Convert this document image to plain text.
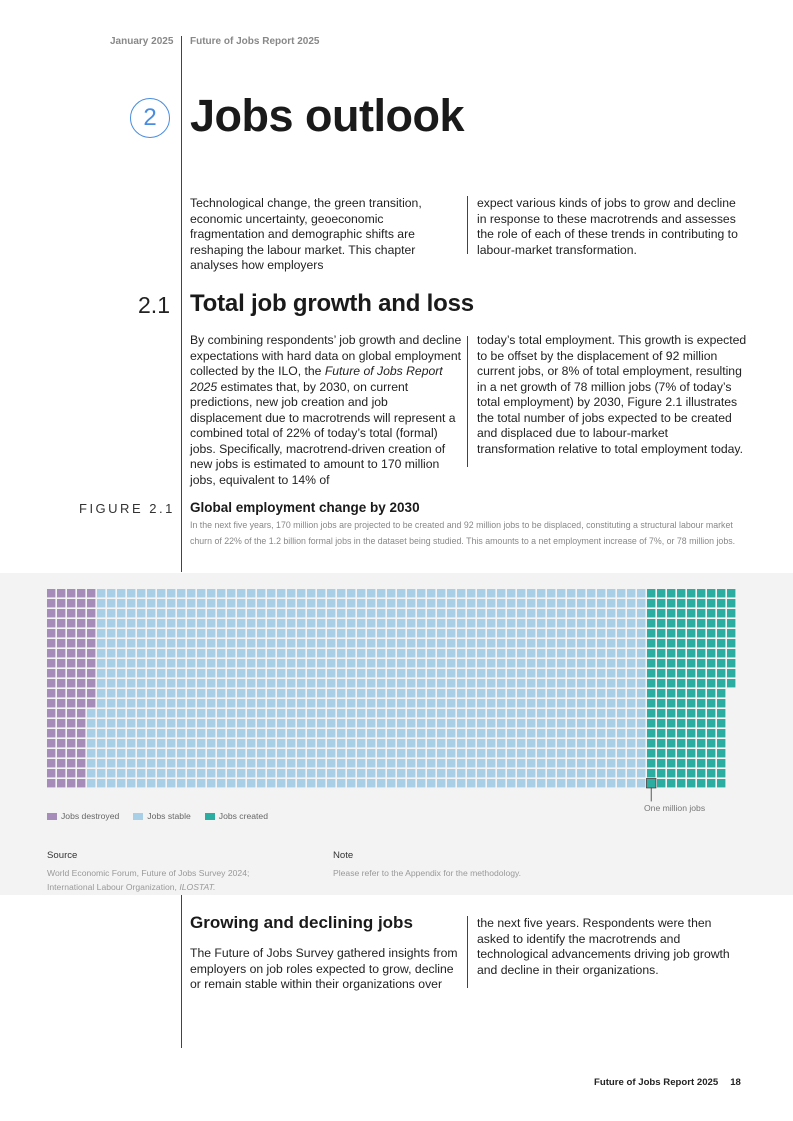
January 2025 Future of Jobs Report 2025
2 Jobs outlook

Technological change, the green transition, economic uncertainty, geoeconomic fragmentation and demographic shifts are reshaping the labour market. This chapter analyses how employers

expect various kinds of jobs to grow and decline in response to these macrotrends and assesses the role of each of these trends in contributing to labour-market transformation.

2.1 Total job growth and loss

By combining respondents’ job growth and decline expectations with hard data on global employment collected by the ILO, the Future of Jobs Report 2025 estimates that, by 2030, on current predictions, new job creation and job displacement due to macrotrends will represent a combined total of 22% of today’s total (formal) jobs. Specifically, macrotrend-driven creation of new jobs is estimated to amount to 170 million jobs, equivalent to 14% of

today’s total employment. This growth is expected to be offset by the displacement of 92 million current jobs, or 8% of total employment, resulting in a net growth of 78 million jobs (7% of today’s total employment) by 2030, Figure 2.1 illustrates the total number of jobs expected to be created and displaced due to labour-market transformation relative to total employment today.

FIGURE 2.1 Global employment change by 2030
In the next five years, 170 million jobs are projected to be created and 92 million jobs to be displaced, constituting a structural labour market churn of 22% of the 1.2 billion formal jobs in the dataset being studied. This amounts to a net employment increase of 7%, or 78 million jobs.
One million jobs
Jobs destroyed	Jobs stable	Jobs created
Source
World Economic Forum, Future of Jobs Survey 2024; International Labour Organization, ILOSTAT.
Note
Please refer to the Appendix for the methodology.
Growing and declining jobs

The Future of Jobs Survey gathered insights from employers on job roles expected to grow, decline or remain stable within their organizations over

the next five years. Respondents were then asked to identify the macrotrends and technological advancements driving job growth and decline in their organizations.

Future of Jobs Report 2025 18
